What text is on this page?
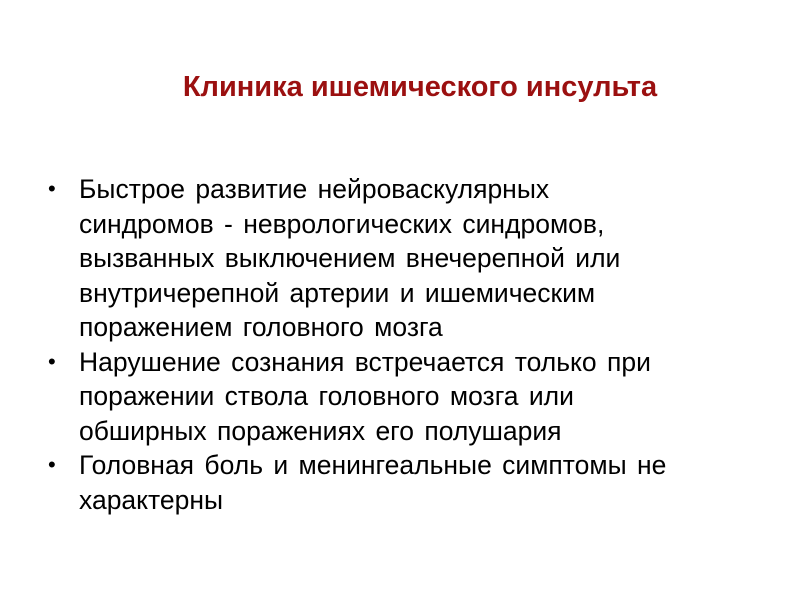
Клиника ишемического инсульта
• Быстрое развитие нейроваскулярных
синдромов - неврологических синдромов,
вызванных выключением внечерепной или
внутричерепной артерии и ишемическим
поражением головного мозга
• Нарушение сознания встречается только при
поражении ствола головного мозга или
обширных поражениях его полушария
• Головная боль и менингеальные симптомы не
характерны
